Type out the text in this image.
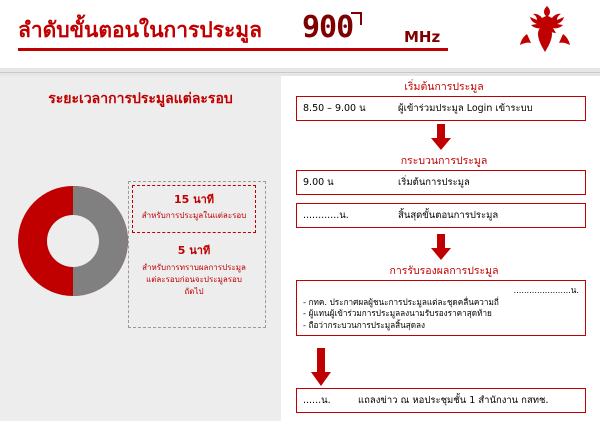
ลำดับขั้นตอนในการประมูล 900	MHz
ระยะเวลาการประมูลแต่ละรอบ
15 นาที
สำหรับการประมูลในแต่ละรอบ
5 นาที
สำหรับการทราบผลการประมูล
แต่ละรอบก่อนจะประมูลรอบ
ถัดไป
เริ่มต้นการประมูล
8.50 – 9.00 น	ผู้เข้าร่วมประมูล Login เข้าระบบ
กระบวนการประมูล
9.00 น	เริ่มต้นการประมูล
............น.	สิ้นสุดขั้นตอนการประมูล
การรับรองผลการประมูล
......................น.
- กทค. ประกาศผลผู้ชนะการประมูลแต่ละชุดคลื่นความถี่
- ผู้แทนผู้เข้าร่วมการประมูลลงนามรับรองราคาสุดท้าย
- ถือว่ากระบวนการประมูลสิ้นสุดลง
......น.	แถลงข่าว ณ หอประชุมชั้น 1 สำนักงาน กสทช.
